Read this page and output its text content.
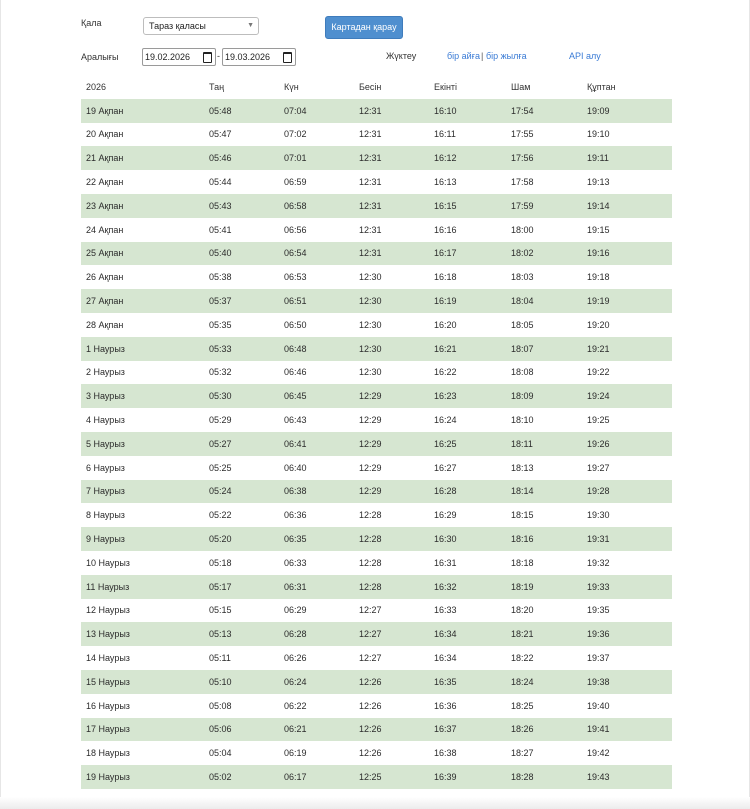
Қала	Тараз қаласы	▼	Картадан қарау
Аралығы	19.02.2026	- 19.03.2026	Жүктеу	бір айға | бір жылға	API алу
2026	Таң	Күн	Бесін	Екінті	Шам	Құптан
19 Ақпан	05:48	07:04	12:31	16:10	17:54	19:09
20 Ақпан	05:47	07:02	12:31	16:11	17:55	19:10
21 Ақпан	05:46	07:01	12:31	16:12	17:56	19:11
22 Ақпан	05:44	06:59	12:31	16:13	17:58	19:13
23 Ақпан	05:43	06:58	12:31	16:15	17:59	19:14
24 Ақпан	05:41	06:56	12:31	16:16	18:00	19:15
25 Ақпан	05:40	06:54	12:31	16:17	18:02	19:16
26 Ақпан	05:38	06:53	12:30	16:18	18:03	19:18
27 Ақпан	05:37	06:51	12:30	16:19	18:04	19:19
28 Ақпан	05:35	06:50	12:30	16:20	18:05	19:20
1 Наурыз	05:33	06:48	12:30	16:21	18:07	19:21
2 Наурыз	05:32	06:46	12:30	16:22	18:08	19:22
3 Наурыз	05:30	06:45	12:29	16:23	18:09	19:24
4 Наурыз	05:29	06:43	12:29	16:24	18:10	19:25
5 Наурыз	05:27	06:41	12:29	16:25	18:11	19:26
6 Наурыз	05:25	06:40	12:29	16:27	18:13	19:27
7 Наурыз	05:24	06:38	12:29	16:28	18:14	19:28
8 Наурыз	05:22	06:36	12:28	16:29	18:15	19:30
9 Наурыз	05:20	06:35	12:28	16:30	18:16	19:31
10 Наурыз	05:18	06:33	12:28	16:31	18:18	19:32
11 Наурыз	05:17	06:31	12:28	16:32	18:19	19:33
12 Наурыз	05:15	06:29	12:27	16:33	18:20	19:35
13 Наурыз	05:13	06:28	12:27	16:34	18:21	19:36
14 Наурыз	05:11	06:26	12:27	16:34	18:22	19:37
15 Наурыз	05:10	06:24	12:26	16:35	18:24	19:38
16 Наурыз	05:08	06:22	12:26	16:36	18:25	19:40
17 Наурыз	05:06	06:21	12:26	16:37	18:26	19:41
18 Наурыз	05:04	06:19	12:26	16:38	18:27	19:42
19 Наурыз	05:02	06:17	12:25	16:39	18:28	19:43
